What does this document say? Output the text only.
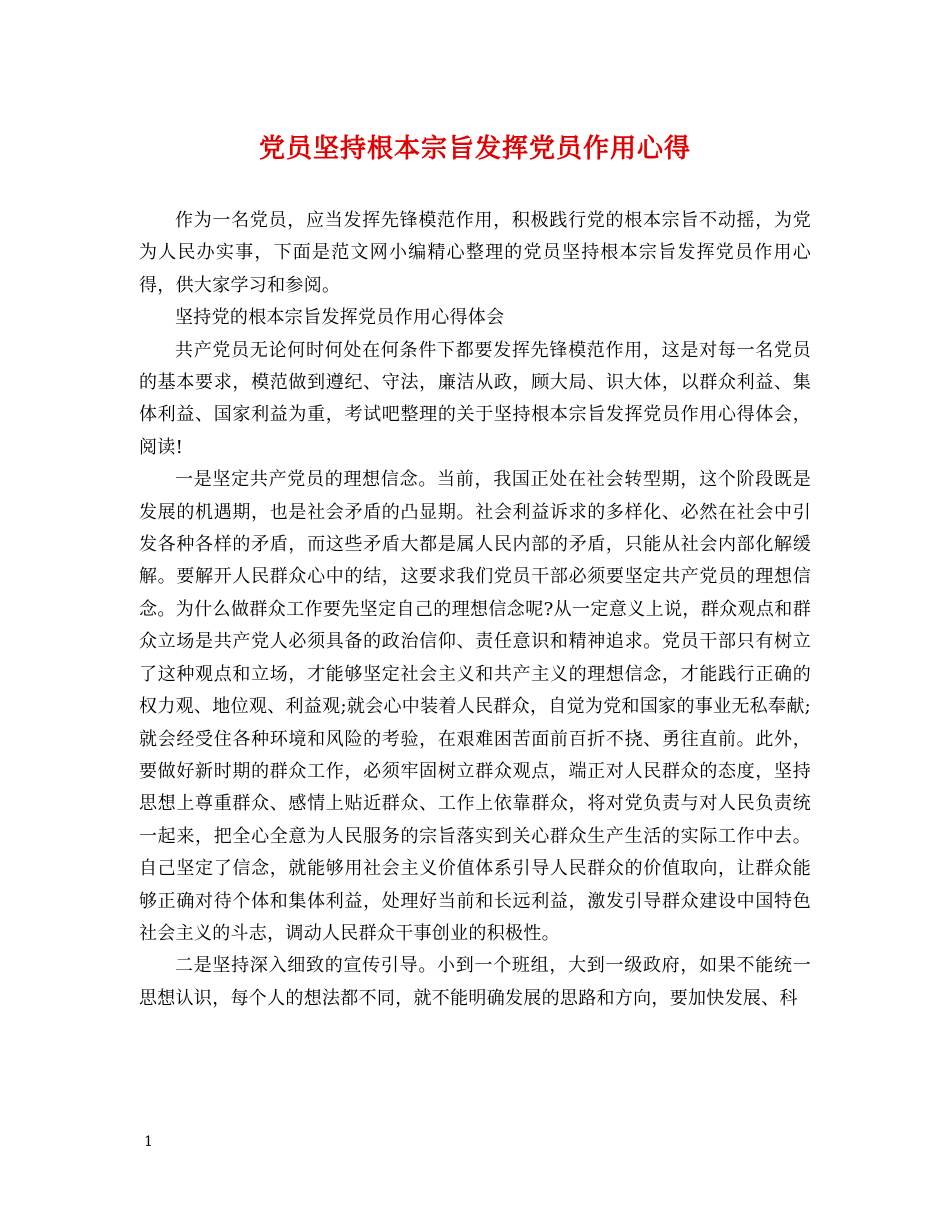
党员坚持根本宗旨发挥党员作用心得

作为一名党员，应当发挥先锋模范作用，积极践行党的根本宗旨不动摇，为党为人民办实事，下面是范文网小编精心整理的党员坚持根本宗旨发挥党员作用心得，供大家学习和参阅。

坚持党的根本宗旨发挥党员作用心得体会

共产党员无论何时何处在何条件下都要发挥先锋模范作用，这是对每一名党员的基本要求，模范做到遵纪、守法，廉洁从政，顾大局、识大体，以群众利益、集体利益、国家利益为重，考试吧整理的关于坚持根本宗旨发挥党员作用心得体会，阅读!

一是坚定共产党员的理想信念。当前，我国正处在社会转型期，这个阶段既是发展的机遇期，也是社会矛盾的凸显期。社会利益诉求的多样化、必然在社会中引发各种各样的矛盾，而这些矛盾大都是属人民内部的矛盾，只能从社会内部化解缓解。要解开人民群众心中的结，这要求我们党员干部必须要坚定共产党员的理想信念。为什么做群众工作要先坚定自己的理想信念呢?从一定意义上说，群众观点和群众立场是共产党人必须具备的政治信仰、责任意识和精神追求。党员干部只有树立了这种观点和立场，才能够坚定社会主义和共产主义的理想信念，才能践行正确的权力观、地位观、利益观;就会心中装着人民群众，自觉为党和国家的事业无私奉献;就会经受住各种环境和风险的考验，在艰难困苦面前百折不挠、勇往直前。此外，要做好新时期的群众工作，必须牢固树立群众观点，端正对人民群众的态度，坚持思想上尊重群众、感情上贴近群众、工作上依靠群众，将对党负责与对人民负责统一起来，把全心全意为人民服务的宗旨落实到关心群众生产生活的实际工作中去。自己坚定了信念，就能够用社会主义价值体系引导人民群众的价值取向，让群众能够正确对待个体和集体利益，处理好当前和长远利益，激发引导群众建设中国特色社会主义的斗志，调动人民群众干事创业的积极性。

二是坚持深入细致的宣传引导。小到一个班组，大到一级政府，如果不能统一思想认识，每个人的想法都不同，就不能明确发展的思路和方向，要加快发展、科

1
